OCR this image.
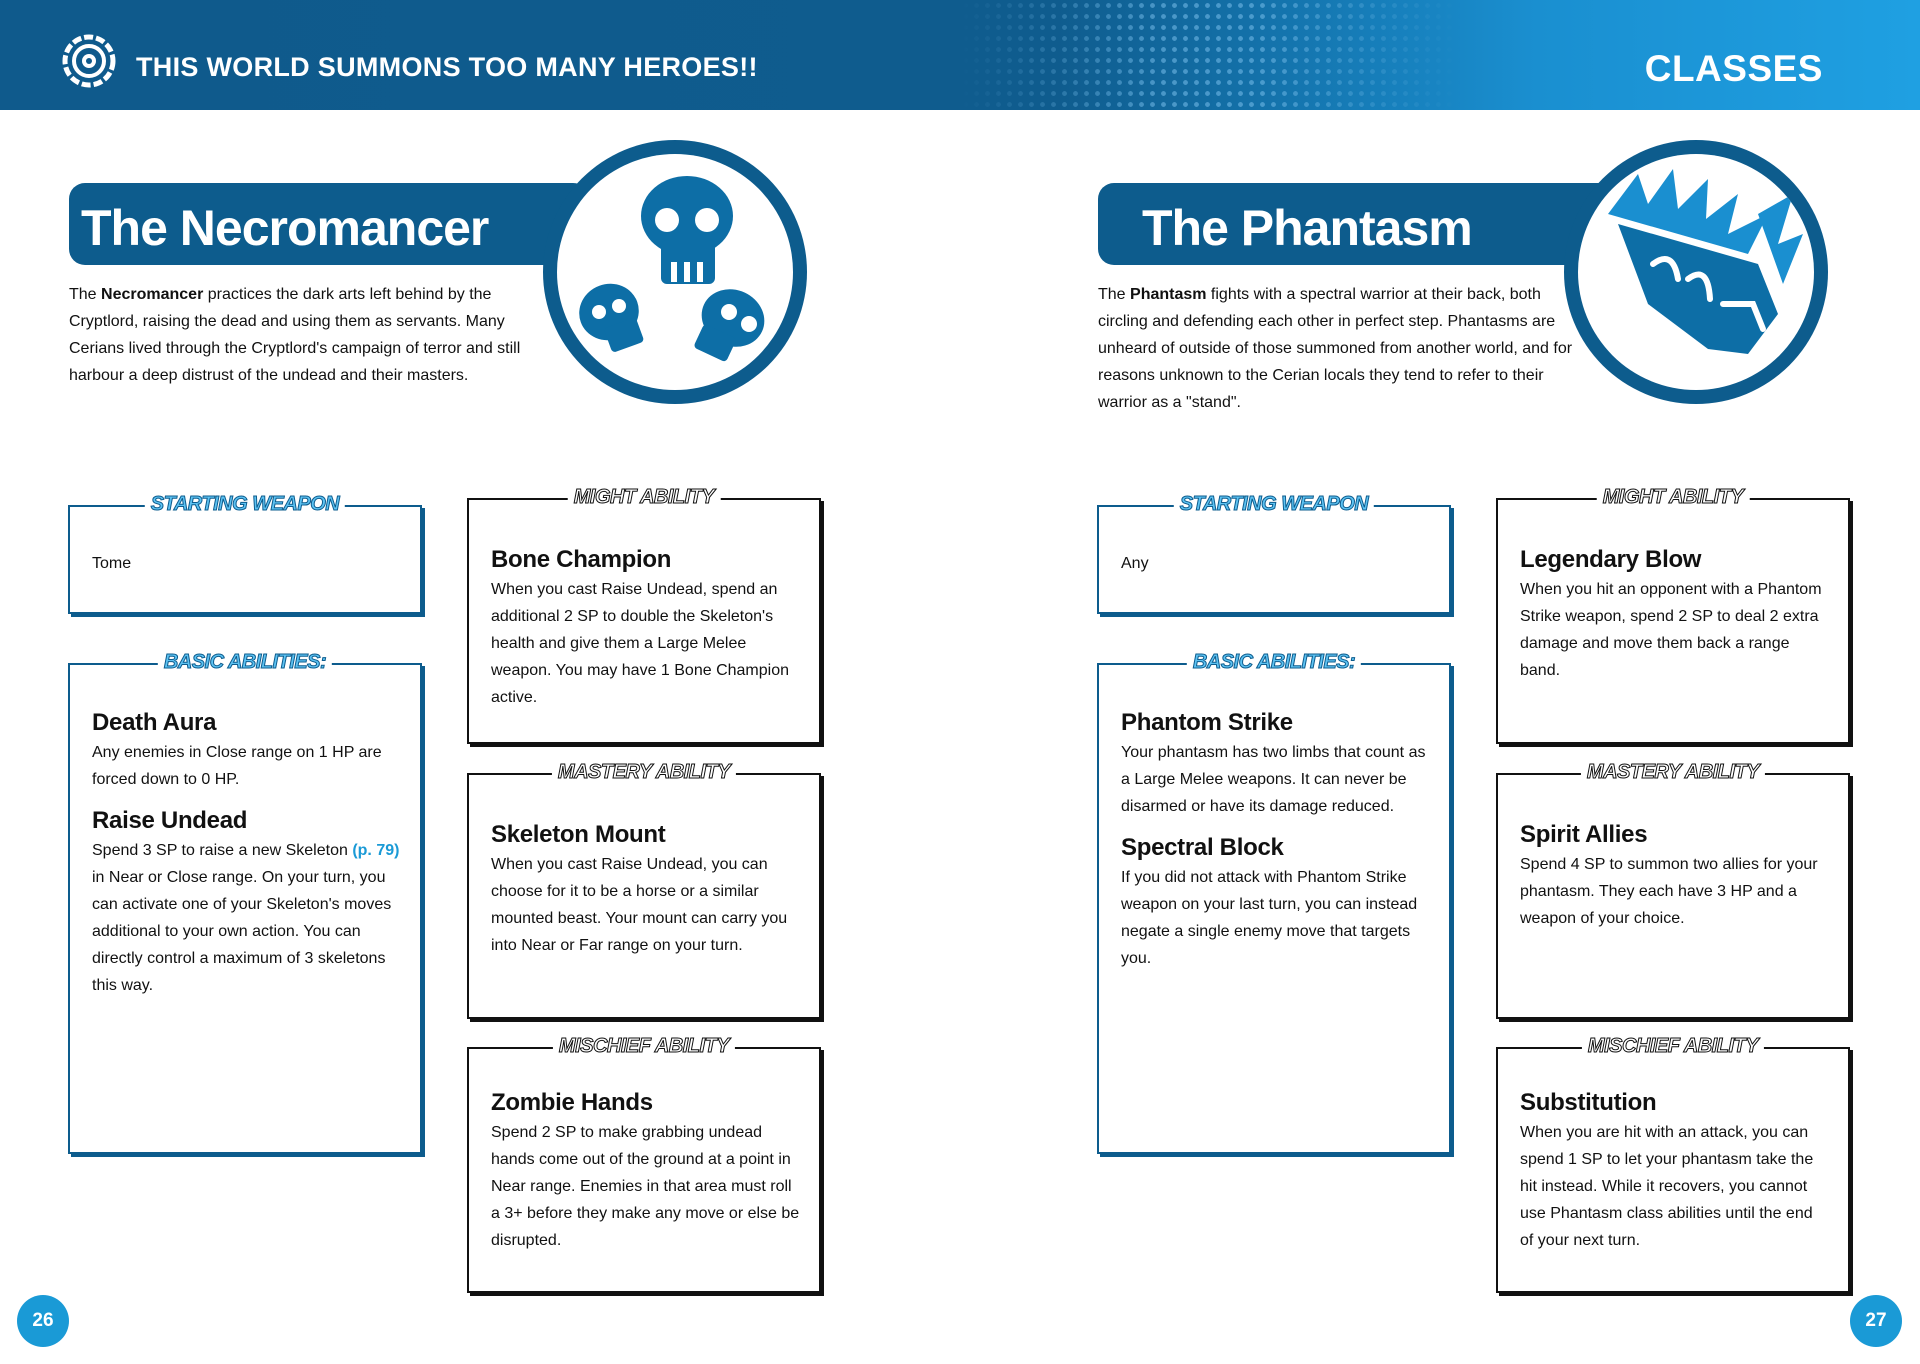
THIS WORLD SUMMONS TOO MANY HEROES!!	CLASSES
The Necromancer
The Necromancer practices the dark arts left behind by the Cryptlord, raising the dead and using them as servants. Many Cerians lived through the Cryptlord's campaign of terror and still harbour a deep distrust of the undead and their masters.
STARTING WEAPON
Tome
BASIC ABILITIES:
Death Aura
Any enemies in Close range on 1 HP are forced down to 0 HP.
Raise Undead
Spend 3 SP to raise a new Skeleton (p. 79) in Near or Close range. On your turn, you can activate one of your Skeleton's moves additional to your own action. You can directly control a maximum of 3 skeletons this way.
MIGHT ABILITY
Bone Champion
When you cast Raise Undead, spend an additional 2 SP to double the Skeleton's health and give them a Large Melee weapon. You may have 1 Bone Champion active.
MASTERY ABILITY
Skeleton Mount
When you cast Raise Undead, you can choose for it to be a horse or a similar mounted beast. Your mount can carry you into Near or Far range on your turn.
MISCHIEF ABILITY
Zombie Hands
Spend 2 SP to make grabbing undead hands come out of the ground at a point in Near range. Enemies in that area must roll a 3+ before they make any move or else be disrupted.
26
The Phantasm
The Phantasm fights with a spectral warrior at their back, both circling and defending each other in perfect step. Phantasms are unheard of outside of those summoned from another world, and for reasons unknown to the Cerian locals they tend to refer to their warrior as a "stand".
STARTING WEAPON
Any
BASIC ABILITIES:
Phantom Strike
Your phantasm has two limbs that count as a Large Melee weapons. It can never be disarmed or have its damage reduced.
Spectral Block
If you did not attack with Phantom Strike weapon on your last turn, you can instead negate a single enemy move that targets you.
MIGHT ABILITY
Legendary Blow
When you hit an opponent with a Phantom Strike weapon, spend 2 SP to deal 2 extra damage and move them back a range band.
MASTERY ABILITY
Spirit Allies
Spend 4 SP to summon two allies for your phantasm. They each have 3 HP and a weapon of your choice.
MISCHIEF ABILITY
Substitution
When you are hit with an attack, you can spend 1 SP to let your phantasm take the hit instead. While it recovers, you cannot use Phantasm class abilities until the end of your next turn.
27
